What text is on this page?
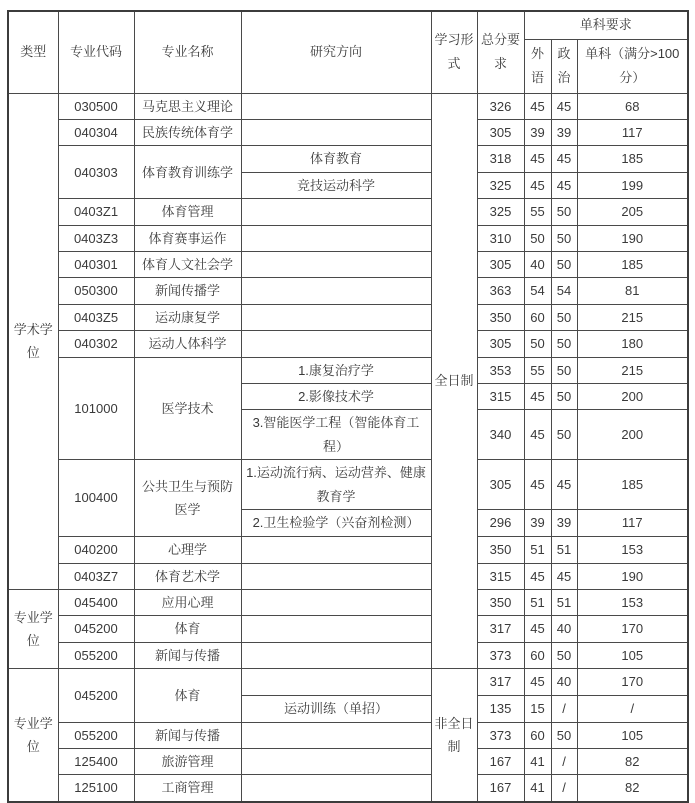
类型	专业代码	专业名称	研究方向	学习形式	总分要求	单科要求		
						外语	政治	单科（满分>100分）
学术学位	030500	马克思主义理论		全日制	326	45	45	68
	040304	民族传统体育学			305	39	39	117
	040303	体育教育训练学	体育教育		318	45	45	185
			竞技运动科学		325	45	45	199
	0403Z1	体育管理			325	55	50	205
	0403Z3	体育赛事运作			310	50	50	190
	040301	体育人文社会学			305	40	50	185
	050300	新闻传播学			363	54	54	81
	0403Z5	运动康复学			350	60	50	215
	040302	运动人体科学			305	50	50	180
	101000	医学技术	1.康复治疗学		353	55	50	215
			2.影像技术学		315	45	50	200
			3.智能医学工程（智能体育工程）		340	45	50	200
	100400	公共卫生与预防医学	1.运动流行病、运动营养、健康教育学		305	45	45	185
			2.卫生检验学（兴奋剂检测）		296	39	39	117
	040200	心理学			350	51	51	153
	0403Z7	体育艺术学			315	45	45	190
专业学位	045400	应用心理			350	51	51	153
	045200	体育			317	45	40	170
	055200	新闻与传播			373	60	50	105
专业学位	045200	体育		非全日制	317	45	40	170
			运动训练（单招）		135	15	/	/
	055200	新闻与传播			373	60	50	105
	125400	旅游管理			167	41	/	82
	125100	工商管理			167	41	/	82
